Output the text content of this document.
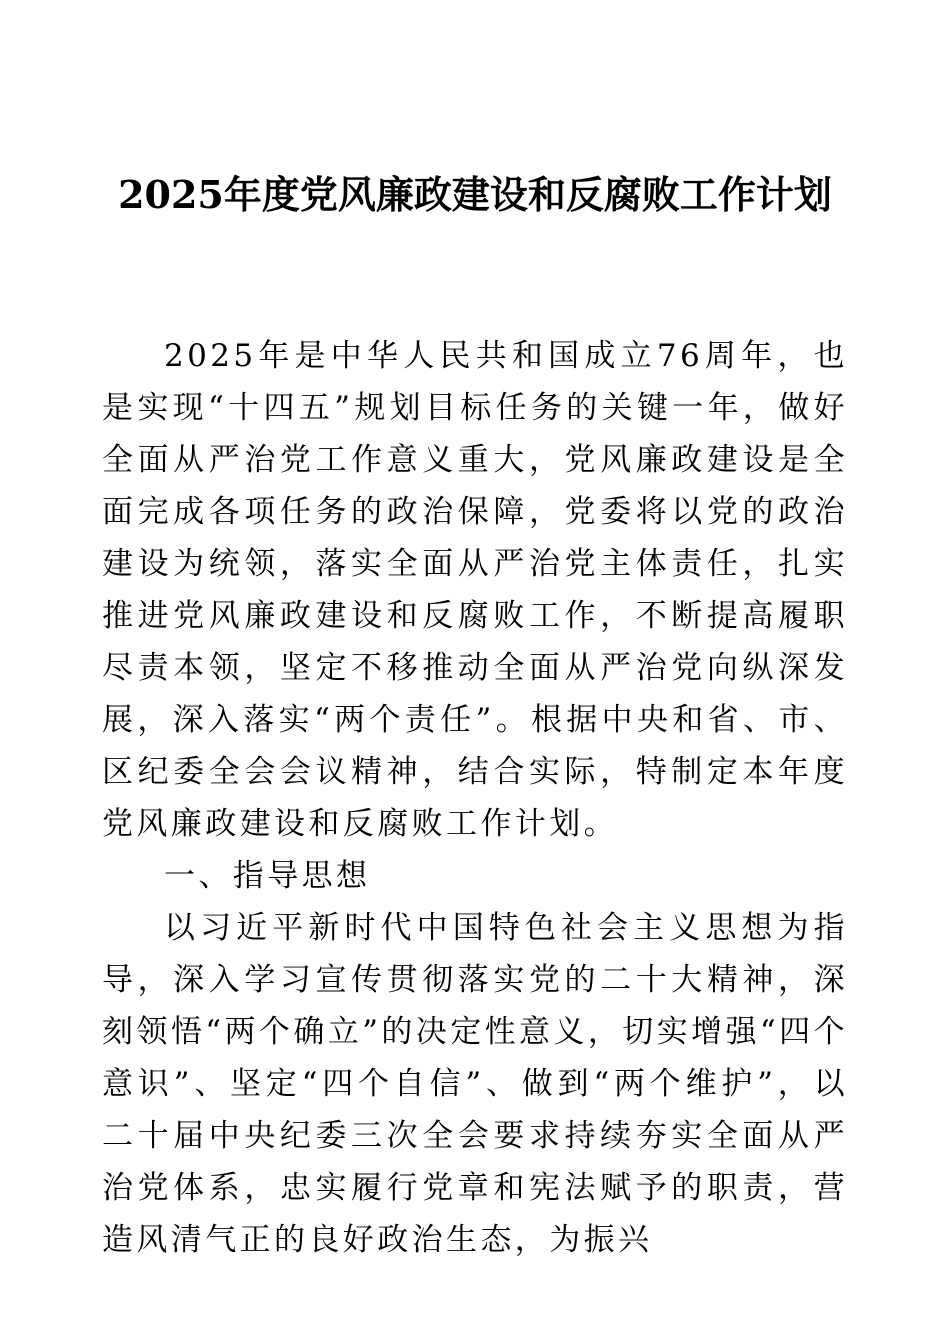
2025年度党风廉政建设和反腐败工作计划

2025年是中华人民共和国成立76周年，也是实现“十四五”规划目标任务的关键一年，做好全面从严治党工作意义重大，党风廉政建设是全面完成各项任务的政治保障，党委将以党的政治建设为统领，落实全面从严治党主体责任，扎实推进党风廉政建设和反腐败工作，不断提高履职尽责本领，坚定不移推动全面从严治党向纵深发展，深入落实“两个责任”。根据中央和省、市、区纪委全会会议精神，结合实际，特制定本年度党风廉政建设和反腐败工作计划。

一、指导思想

以习近平新时代中国特色社会主义思想为指导，深入学习宣传贯彻落实党的二十大精神，深刻领悟“两个确立”的决定性意义，切实增强“四个意识”、坚定“四个自信”、做到“两个维护”，以二十届中央纪委三次全会要求持续夯实全面从严治党体系，忠实履行党章和宪法赋予的职责，营造风清气正的良好政治生态，为振兴
